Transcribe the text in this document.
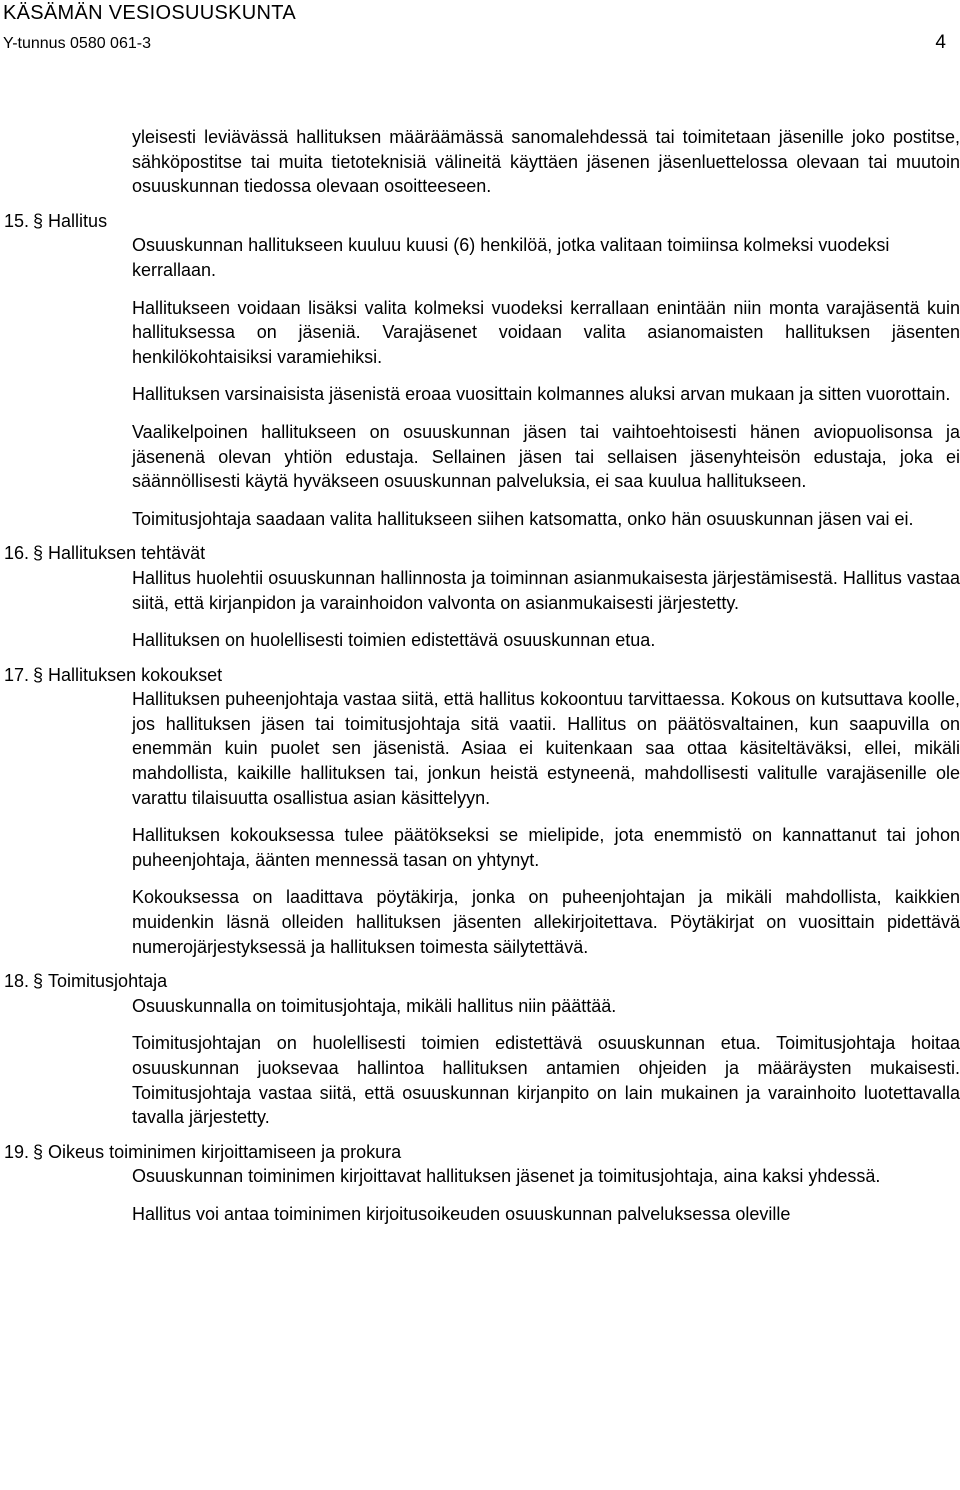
KÄSÄMÄN VESIOSUUSKUNTA
Y-tunnus 0580 061-3	4

yleisesti leviävässä hallituksen määräämässä sanomalehdessä tai toimitetaan jäsenille joko postitse, sähköpostitse tai muita tietoteknisiä välineitä käyttäen jäsenen jäsenluettelossa olevaan tai muutoin osuuskunnan tiedossa olevaan osoitteeseen.

15. § Hallitus

Osuuskunnan hallitukseen kuuluu kuusi (6) henkilöä, jotka valitaan toimiinsa kolmeksi vuodeksi kerrallaan.

Hallitukseen voidaan lisäksi valita kolmeksi vuodeksi kerrallaan enintään niin monta varajäsentä kuin hallituksessa on jäseniä. Varajäsenet voidaan valita asianomaisten hallituksen jäsenten henkilökohtaisiksi varamiehiksi.

Hallituksen varsinaisista jäsenistä eroaa vuosittain kolmannes aluksi arvan mukaan ja sitten vuorottain.

Vaalikelpoinen hallitukseen on osuuskunnan jäsen tai vaihtoehtoisesti hänen aviopuolisonsa ja jäsenenä olevan yhtiön edustaja. Sellainen jäsen tai sellaisen jäsenyhteisön edustaja, joka ei säännöllisesti käytä hyväkseen osuuskunnan palveluksia, ei saa kuulua hallitukseen.

Toimitusjohtaja saadaan valita hallitukseen siihen katsomatta, onko hän osuuskunnan jäsen vai ei.

16. § Hallituksen tehtävät

Hallitus huolehtii osuuskunnan hallinnosta ja toiminnan asianmukaisesta järjestämisestä. Hallitus vastaa siitä, että kirjanpidon ja varainhoidon valvonta on asianmukaisesti järjestetty.

Hallituksen on huolellisesti toimien edistettävä osuuskunnan etua.

17. § Hallituksen kokoukset

Hallituksen puheenjohtaja vastaa siitä, että hallitus kokoontuu tarvittaessa. Kokous on kutsuttava koolle, jos hallituksen jäsen tai toimitusjohtaja sitä vaatii. Hallitus on päätösvaltainen, kun saapuvilla on enemmän kuin puolet sen jäsenistä. Asiaa ei kuitenkaan saa ottaa käsiteltäväksi, ellei, mikäli mahdollista, kaikille hallituksen tai, jonkun heistä estyneenä, mahdollisesti valitulle varajäsenille ole varattu tilaisuutta osallistua asian käsittelyyn.

Hallituksen kokouksessa tulee päätökseksi se mielipide, jota enemmistö on kannattanut tai johon puheenjohtaja, äänten mennessä tasan on yhtynyt.

Kokouksessa on laadittava pöytäkirja, jonka on puheenjohtajan ja mikäli mahdollista, kaikkien muidenkin läsnä olleiden hallituksen jäsenten allekirjoitettava. Pöytäkirjat on vuosittain pidettävä numerojärjestyksessä ja hallituksen toimesta säilytettävä.

18. § Toimitusjohtaja

Osuuskunnalla on toimitusjohtaja, mikäli hallitus niin päättää.

Toimitusjohtajan on huolellisesti toimien edistettävä osuuskunnan etua. Toimitusjohtaja hoitaa osuuskunnan juoksevaa hallintoa hallituksen antamien ohjeiden ja määräysten mukaisesti. Toimitusjohtaja vastaa siitä, että osuuskunnan kirjanpito on lain mukainen ja varainhoito luotettavalla tavalla järjestetty.

19. § Oikeus toiminimen kirjoittamiseen ja prokura

Osuuskunnan toiminimen kirjoittavat hallituksen jäsenet ja toimitusjohtaja, aina kaksi yhdessä.

Hallitus voi antaa toiminimen kirjoitusoikeuden osuuskunnan palveluksessa oleville
